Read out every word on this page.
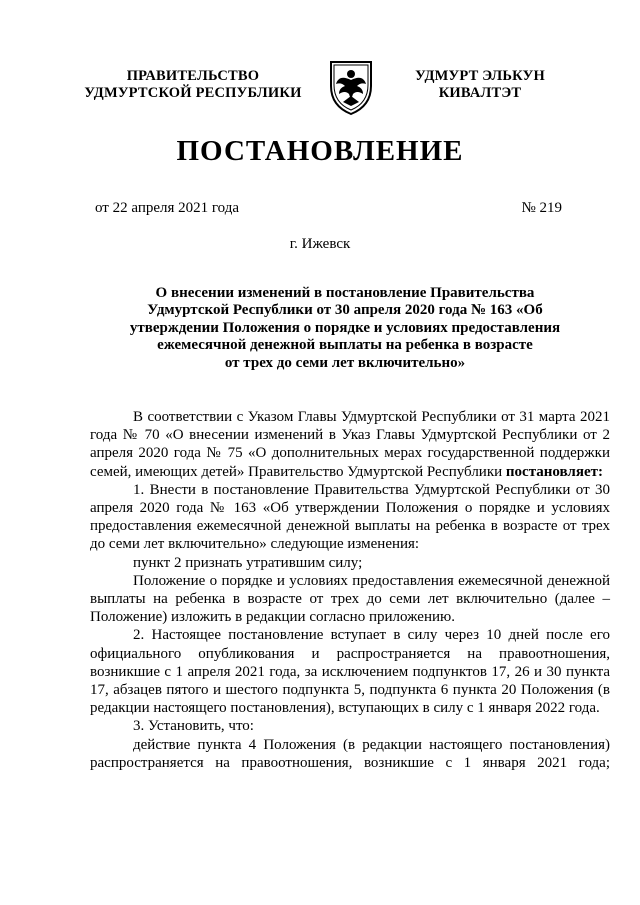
ПРАВИТЕЛЬСТВО
УДМУРТСКОЙ РЕСПУБЛИКИ
УДМУРТ ЭЛЬКУН
КИВАЛТЭТ
ПОСТАНОВЛЕНИЕ
от 22 апреля 2021 года	№ 219
г. Ижевск
О внесении изменений в постановление Правительства
Удмуртской Республики от 30 апреля 2020 года № 163 «Об
утверждении Положения о порядке и условиях предоставления
ежемесячной денежной выплаты на ребенка в возрасте
от трех до семи лет включительно»

В соответствии с Указом Главы Удмуртской Республики от 31 марта 2021 года № 70 «О внесении изменений в Указ Главы Удмуртской Республики от 2 апреля 2020 года № 75 «О дополнительных мерах государственной поддержки семей, имеющих детей» Правительство Удмуртской Республики постановляет:

1. Внести в постановление Правительства Удмуртской Республики от 30 апреля 2020 года № 163 «Об утверждении Положения о порядке и условиях предоставления ежемесячной денежной выплаты на ребенка в возрасте от трех до семи лет включительно» следующие изменения:

пункт 2 признать утратившим силу;

Положение о порядке и условиях предоставления ежемесячной денежной выплаты на ребенка в возрасте от трех до семи лет включительно (далее – Положение) изложить в редакции согласно приложению.

2. Настоящее постановление вступает в силу через 10 дней после его официального опубликования и распространяется на правоотношения, возникшие с 1 апреля 2021 года, за исключением подпунктов 17, 26 и 30 пункта 17, абзацев пятого и шестого подпункта 5, подпункта 6 пункта 20 Положения (в редакции настоящего постановления), вступающих в силу с 1 января 2022 года.

3. Установить, что:

действие пункта 4 Положения (в редакции настоящего постановления) распространяется на правоотношения, возникшие с 1 января 2021 года;
